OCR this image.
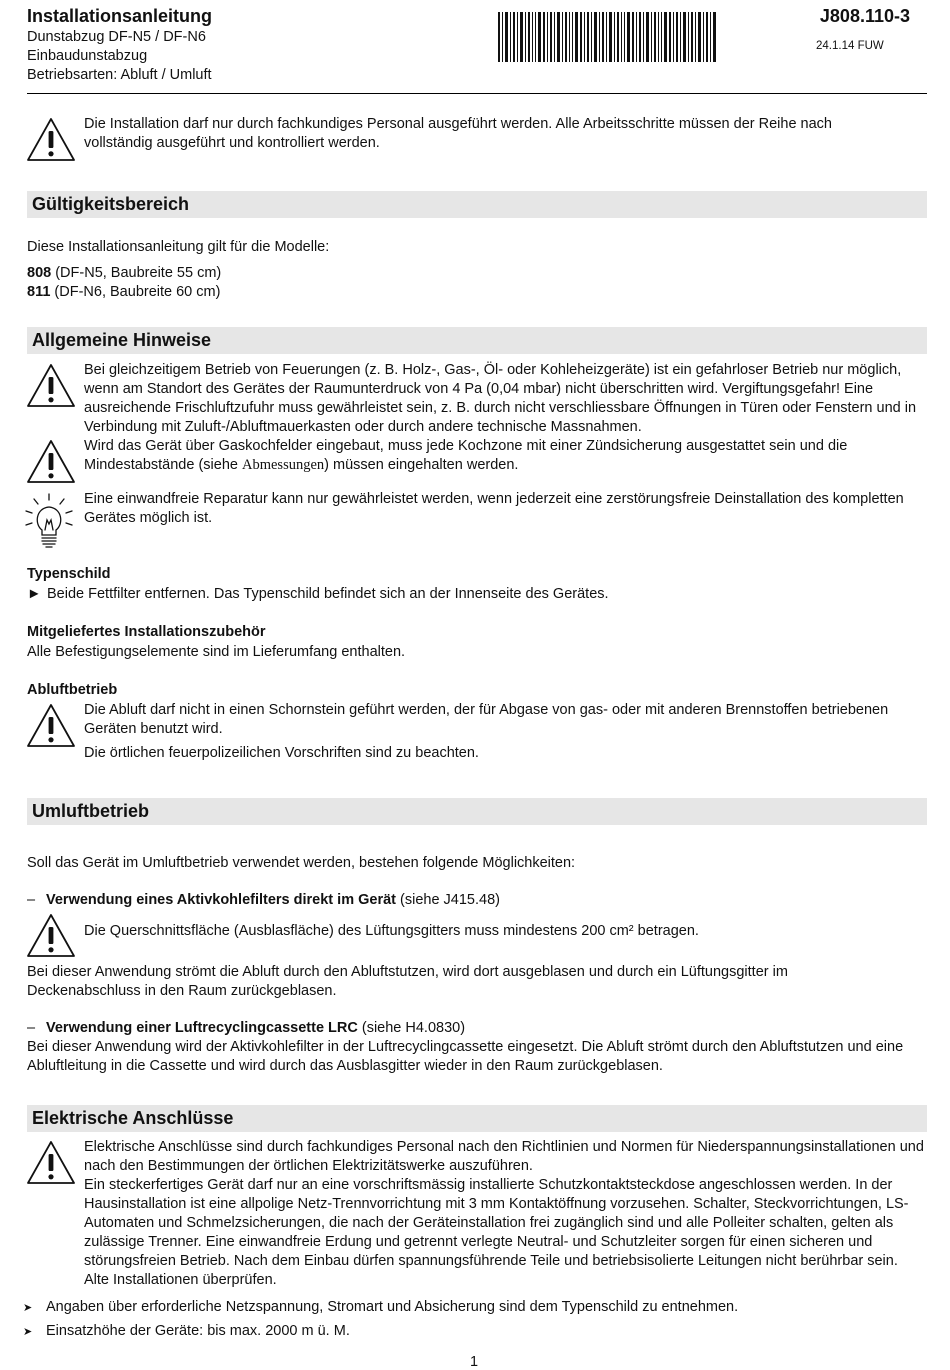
Installationsanleitung
Dunstabzug DF-N5 / DF-N6
Einbaudunstabzug
Betriebsarten: Abluft / Umluft
J808.110-3
24.1.14 FUW
Die Installation darf nur durch fachkundiges Personal ausgeführt werden. Alle Arbeitsschritte müssen der Reihe nach vollständig ausgeführt und kontrolliert werden.
Gültigkeitsbereich
Diese Installationsanleitung gilt für die Modelle:
808 (DF-N5, Baubreite 55 cm)
811 (DF-N6, Baubreite 60 cm)
Allgemeine Hinweise
Bei gleichzeitigem Betrieb von Feuerungen (z. B. Holz-, Gas-, Öl- oder Kohleheizgeräte) ist ein gefahrloser Betrieb nur möglich, wenn am Standort des Gerätes der Raumunterdruck von 4 Pa (0,04 mbar) nicht überschritten wird. Vergiftungsgefahr! Eine ausreichende Frischluftzufuhr muss gewährleistet sein, z. B. durch nicht verschliessbare Öffnungen in Türen oder Fenstern und in Verbindung mit Zuluft-/Abluftmauerkasten oder durch andere technische Massnahmen.
Wird das Gerät über Gaskochfelder eingebaut, muss jede Kochzone mit einer Zündsicherung ausgestattet sein und die Mindestabstände (siehe Abmessungen) müssen eingehalten werden.
Eine einwandfreie Reparatur kann nur gewährleistet werden, wenn jederzeit eine zerstörungsfreie Deinstallation des kompletten Gerätes möglich ist.
Typenschild
► Beide Fettfilter entfernen. Das Typenschild befindet sich an der Innenseite des Gerätes.
Mitgeliefertes Installationszubehör
Alle Befestigungselemente sind im Lieferumfang enthalten.
Abluftbetrieb
Die Abluft darf nicht in einen Schornstein geführt werden, der für Abgase von gas- oder mit anderen Brennstoffen betriebenen Geräten benutzt wird.
Die örtlichen feuerpolizeilichen Vorschriften sind zu beachten.
Umluftbetrieb
Soll das Gerät im Umluftbetrieb verwendet werden, bestehen folgende Möglichkeiten:
– Verwendung eines Aktivkohlefilters direkt im Gerät (siehe J415.48)
Die Querschnittsfläche (Ausblasfläche) des Lüftungsgitters muss mindestens 200 cm² betragen.
Bei dieser Anwendung strömt die Abluft durch den Abluftstutzen, wird dort ausgeblasen und durch ein Lüftungsgitter im Deckenabschluss in den Raum zurückgeblasen.
– Verwendung einer Luftrecyclingcassette LRC (siehe H4.0830)
Bei dieser Anwendung wird der Aktivkohlefilter in der Luftrecyclingcassette eingesetzt. Die Abluft strömt durch den Abluftstutzen und eine Abluftleitung in die Cassette und wird durch das Ausblasgitter wieder in den Raum zurückgeblasen.
Elektrische Anschlüsse
Elektrische Anschlüsse sind durch fachkundiges Personal nach den Richtlinien und Normen für Niederspannungsinstallationen und nach den Bestimmungen der örtlichen Elektrizitätswerke auszuführen.
Ein steckerfertiges Gerät darf nur an eine vorschriftsmässig installierte Schutzkontaktsteckdose angeschlossen werden. In der Hausinstallation ist eine allpolige Netz-Trennvorrichtung mit 3 mm Kontaktöffnung vorzusehen. Schalter, Steckvorrichtungen, LS-Automaten und Schmelzsicherungen, die nach der Geräteinstallation frei zugänglich sind und alle Polleiter schalten, gelten als zulässige Trenner. Eine einwandfreie Erdung und getrennt verlegte Neutral- und Schutzleiter sorgen für einen sicheren und störungsfreien Betrieb. Nach dem Einbau dürfen spannungsführende Teile und betriebsisolierte Leitungen nicht berührbar sein. Alte Installationen überprüfen.
➤ Angaben über erforderliche Netzspannung, Stromart und Absicherung sind dem Typenschild zu entnehmen.
➤ Einsatzhöhe der Geräte: bis max. 2000 m ü. M.
1
